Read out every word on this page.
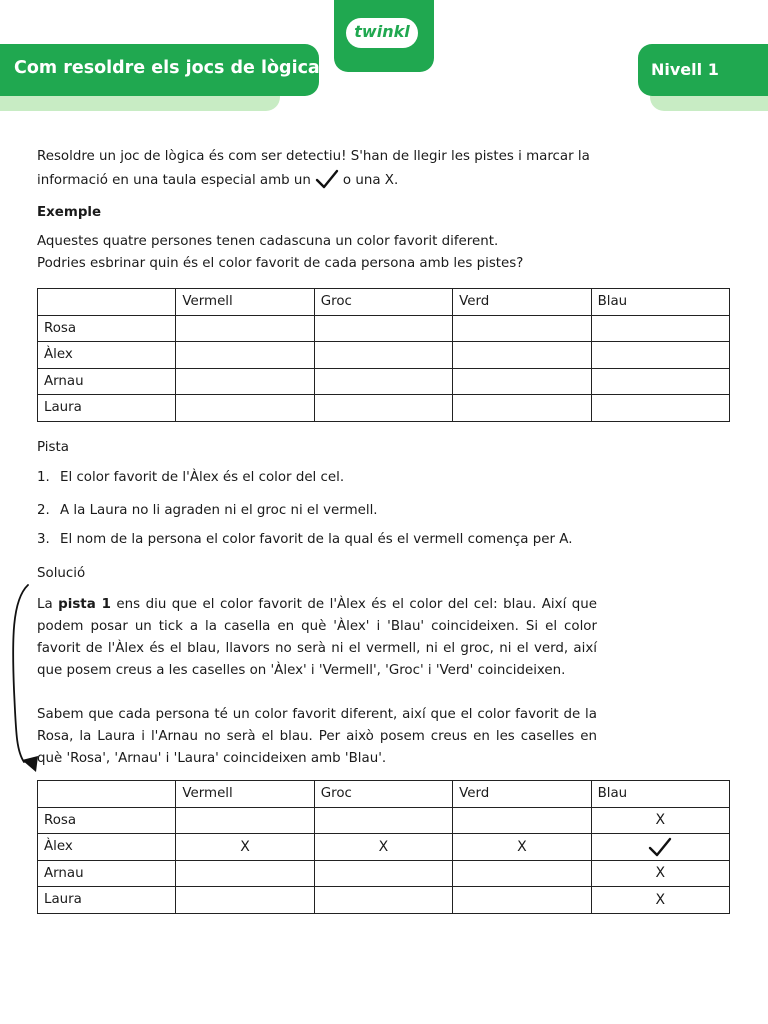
Com resoldre els jocs de lògica
twinkl
Nivell 1
Resoldre un joc de lògica és com ser detectiu! S'han de llegir les pistes i marcar la
informació en una taula especial amb un o una X.
Exemple
Aquestes quatre persones tenen cadascuna un color favorit diferent.
Podries esbrinar quin és el color favorit de cada persona amb les pistes?
	Vermell	Groc	Verd	Blau
Rosa				
Àlex				
Arnau				
Laura				
Pista
1. El color favorit de l'Àlex és el color del cel.
2. A la Laura no li agraden ni el groc ni el vermell.
3. El nom de la persona el color favorit de la qual és el vermell comença per A.
Solució
La pista 1 ens diu que el color favorit de l'Àlex és el color del cel: blau. Així que podem posar un tick a la casella en què 'Àlex' i 'Blau' coincideixen. Si el color favorit de l'Àlex és el blau, llavors no serà ni el vermell, ni el groc, ni el verd, així que posem creus a les caselles on 'Àlex' i 'Vermell', 'Groc' i 'Verd' coincideixen.
Sabem que cada persona té un color favorit diferent, així que el color favorit de la Rosa, la Laura i l'Arnau no serà el blau. Per això posem creus en les caselles en què 'Rosa', 'Arnau' i 'Laura' coincideixen amb 'Blau'.
	Vermell	Groc	Verd	Blau
Rosa				X
Àlex	X	X	X	
Arnau				X
Laura				X
